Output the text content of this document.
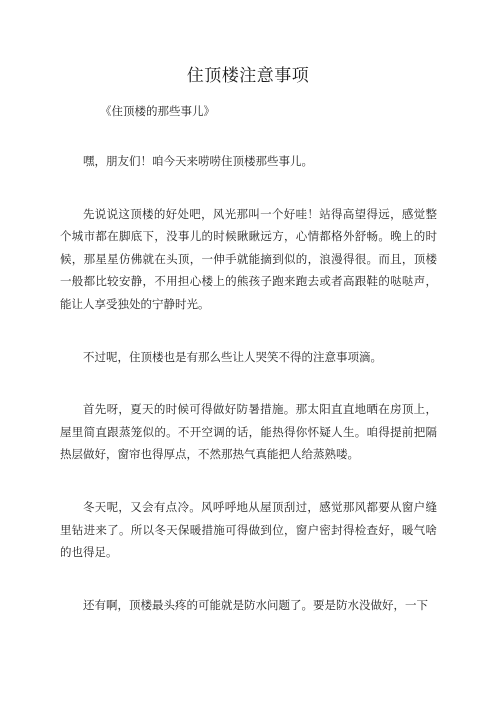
住顶楼注意事项

《住顶楼的那些事儿》

嘿，朋友们！咱今天来唠唠住顶楼那些事儿。

先说说这顶楼的好处吧，风光那叫一个好哇！站得高望得远，感觉整个城市都在脚底下，没事儿的时候瞅瞅远方，心情都格外舒畅。晚上的时候，那星星仿佛就在头顶，一伸手就能摘到似的，浪漫得很。而且，顶楼一般都比较安静，不用担心楼上的熊孩子跑来跑去或者高跟鞋的哒哒声，能让人享受独处的宁静时光。

不过呢，住顶楼也是有那么些让人哭笑不得的注意事项滴。

首先呀，夏天的时候可得做好防暑措施。那太阳直直地晒在房顶上，屋里简直跟蒸笼似的。不开空调的话，能热得你怀疑人生。咱得提前把隔热层做好，窗帘也得厚点，不然那热气真能把人给蒸熟喽。

冬天呢，又会有点冷。风呼呼地从屋顶刮过，感觉那风都要从窗户缝里钻进来了。所以冬天保暖措施可得做到位，窗户密封得检查好，暖气啥的也得足。

还有啊，顶楼最头疼的可能就是防水问题了。要是防水没做好，一下
